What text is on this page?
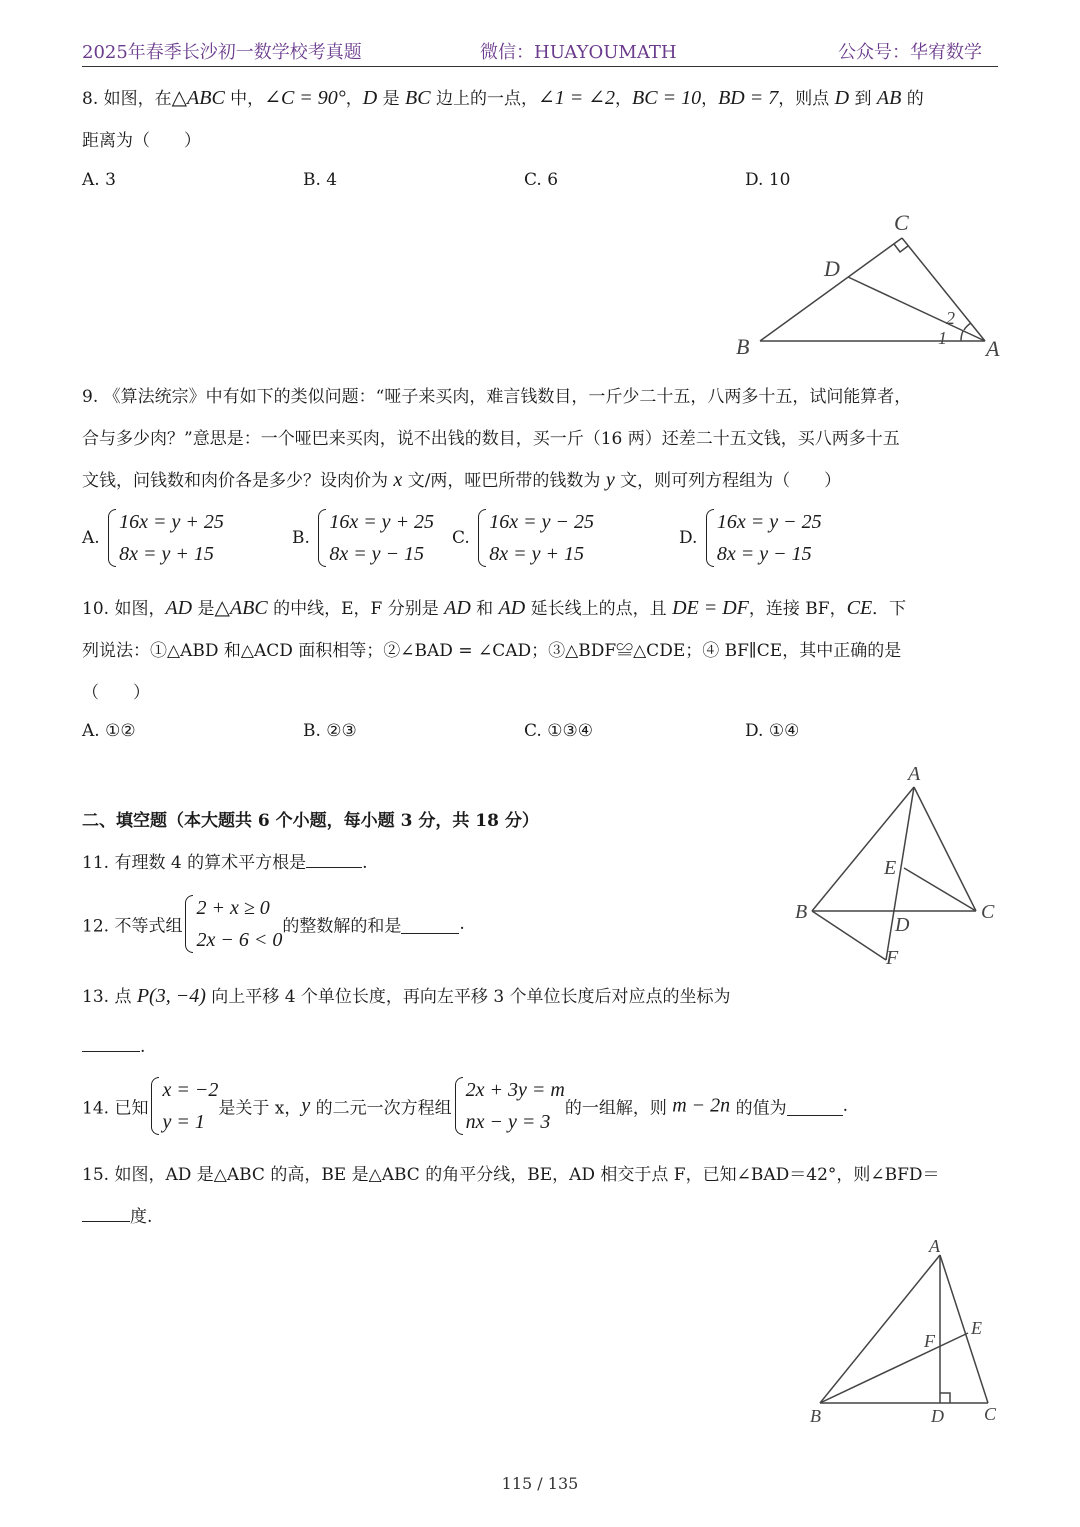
2025年春季长沙初一数学校考真题	微信：HUAYOUMATH	公众号：华宥数学
8. 如图，在△ABC 中，∠C = 90°，D 是 BC 边上的一点，∠1 = ∠2，BC = 10，BD = 7，则点 D 到 AB 的
距离为（　　）
A. 3	B. 4	C. 6	D. 10
C
D
B	A
2
1
9. 《算法统宗》中有如下的类似问题：“哑子来买肉，难言钱数目，一斤少二十五，八两多十五，试问能算者，
合与多少肉？”意思是：一个哑巴来买肉，说不出钱的数目，买一斤（16 两）还差二十五文钱，买八两多十五
文钱，问钱数和肉价各是多少？设肉价为 x 文/两，哑巴所带的钱数为 y 文，则可列方程组为（　　）
A.
16x = y + 25
8x = y + 15
B.
16x = y + 25
8x = y − 15
C.
16x = y − 25
8x = y + 15
D.
16x = y − 25
8x = y − 15
10. 如图，AD 是△ABC 的中线，E，F 分别是 AD 和 AD 延长线上的点，且 DE = DF，连接 BF，CE．下
列说法：①△ABD 和△ACD 面积相等；②∠BAD = ∠CAD；③△BDF≌△CDE；④ BF∥CE，其中正确的是
（　　）
A. ①②	B. ②③	C. ①③④	D. ①④
A
E
B	C
D
F
二、填空题（本大题共 6 个小题，每小题 3 分，共 18 分）
11. 有理数 4 的算术平方根是	.
12. 不等式组
2 + x ≥ 0
2x − 6 < 0
的整数解的和是	.
13. 点 P(3, −4) 向上平移 4 个单位长度，再向左平移 3 个单位长度后对应点的坐标为
.
14. 已知
x = −2
y = 1
是关于 x，y 的二元一次方程组
2x + 3y = m
nx − y = 3
的一组解，则 m − 2n 的值为	.
15. 如图，AD 是△ABC 的高，BE 是△ABC 的角平分线，BE，AD 相交于点 F，已知∠BAD＝42°，则∠BFD＝
度.
A
E
F
B	D C
115 / 135
